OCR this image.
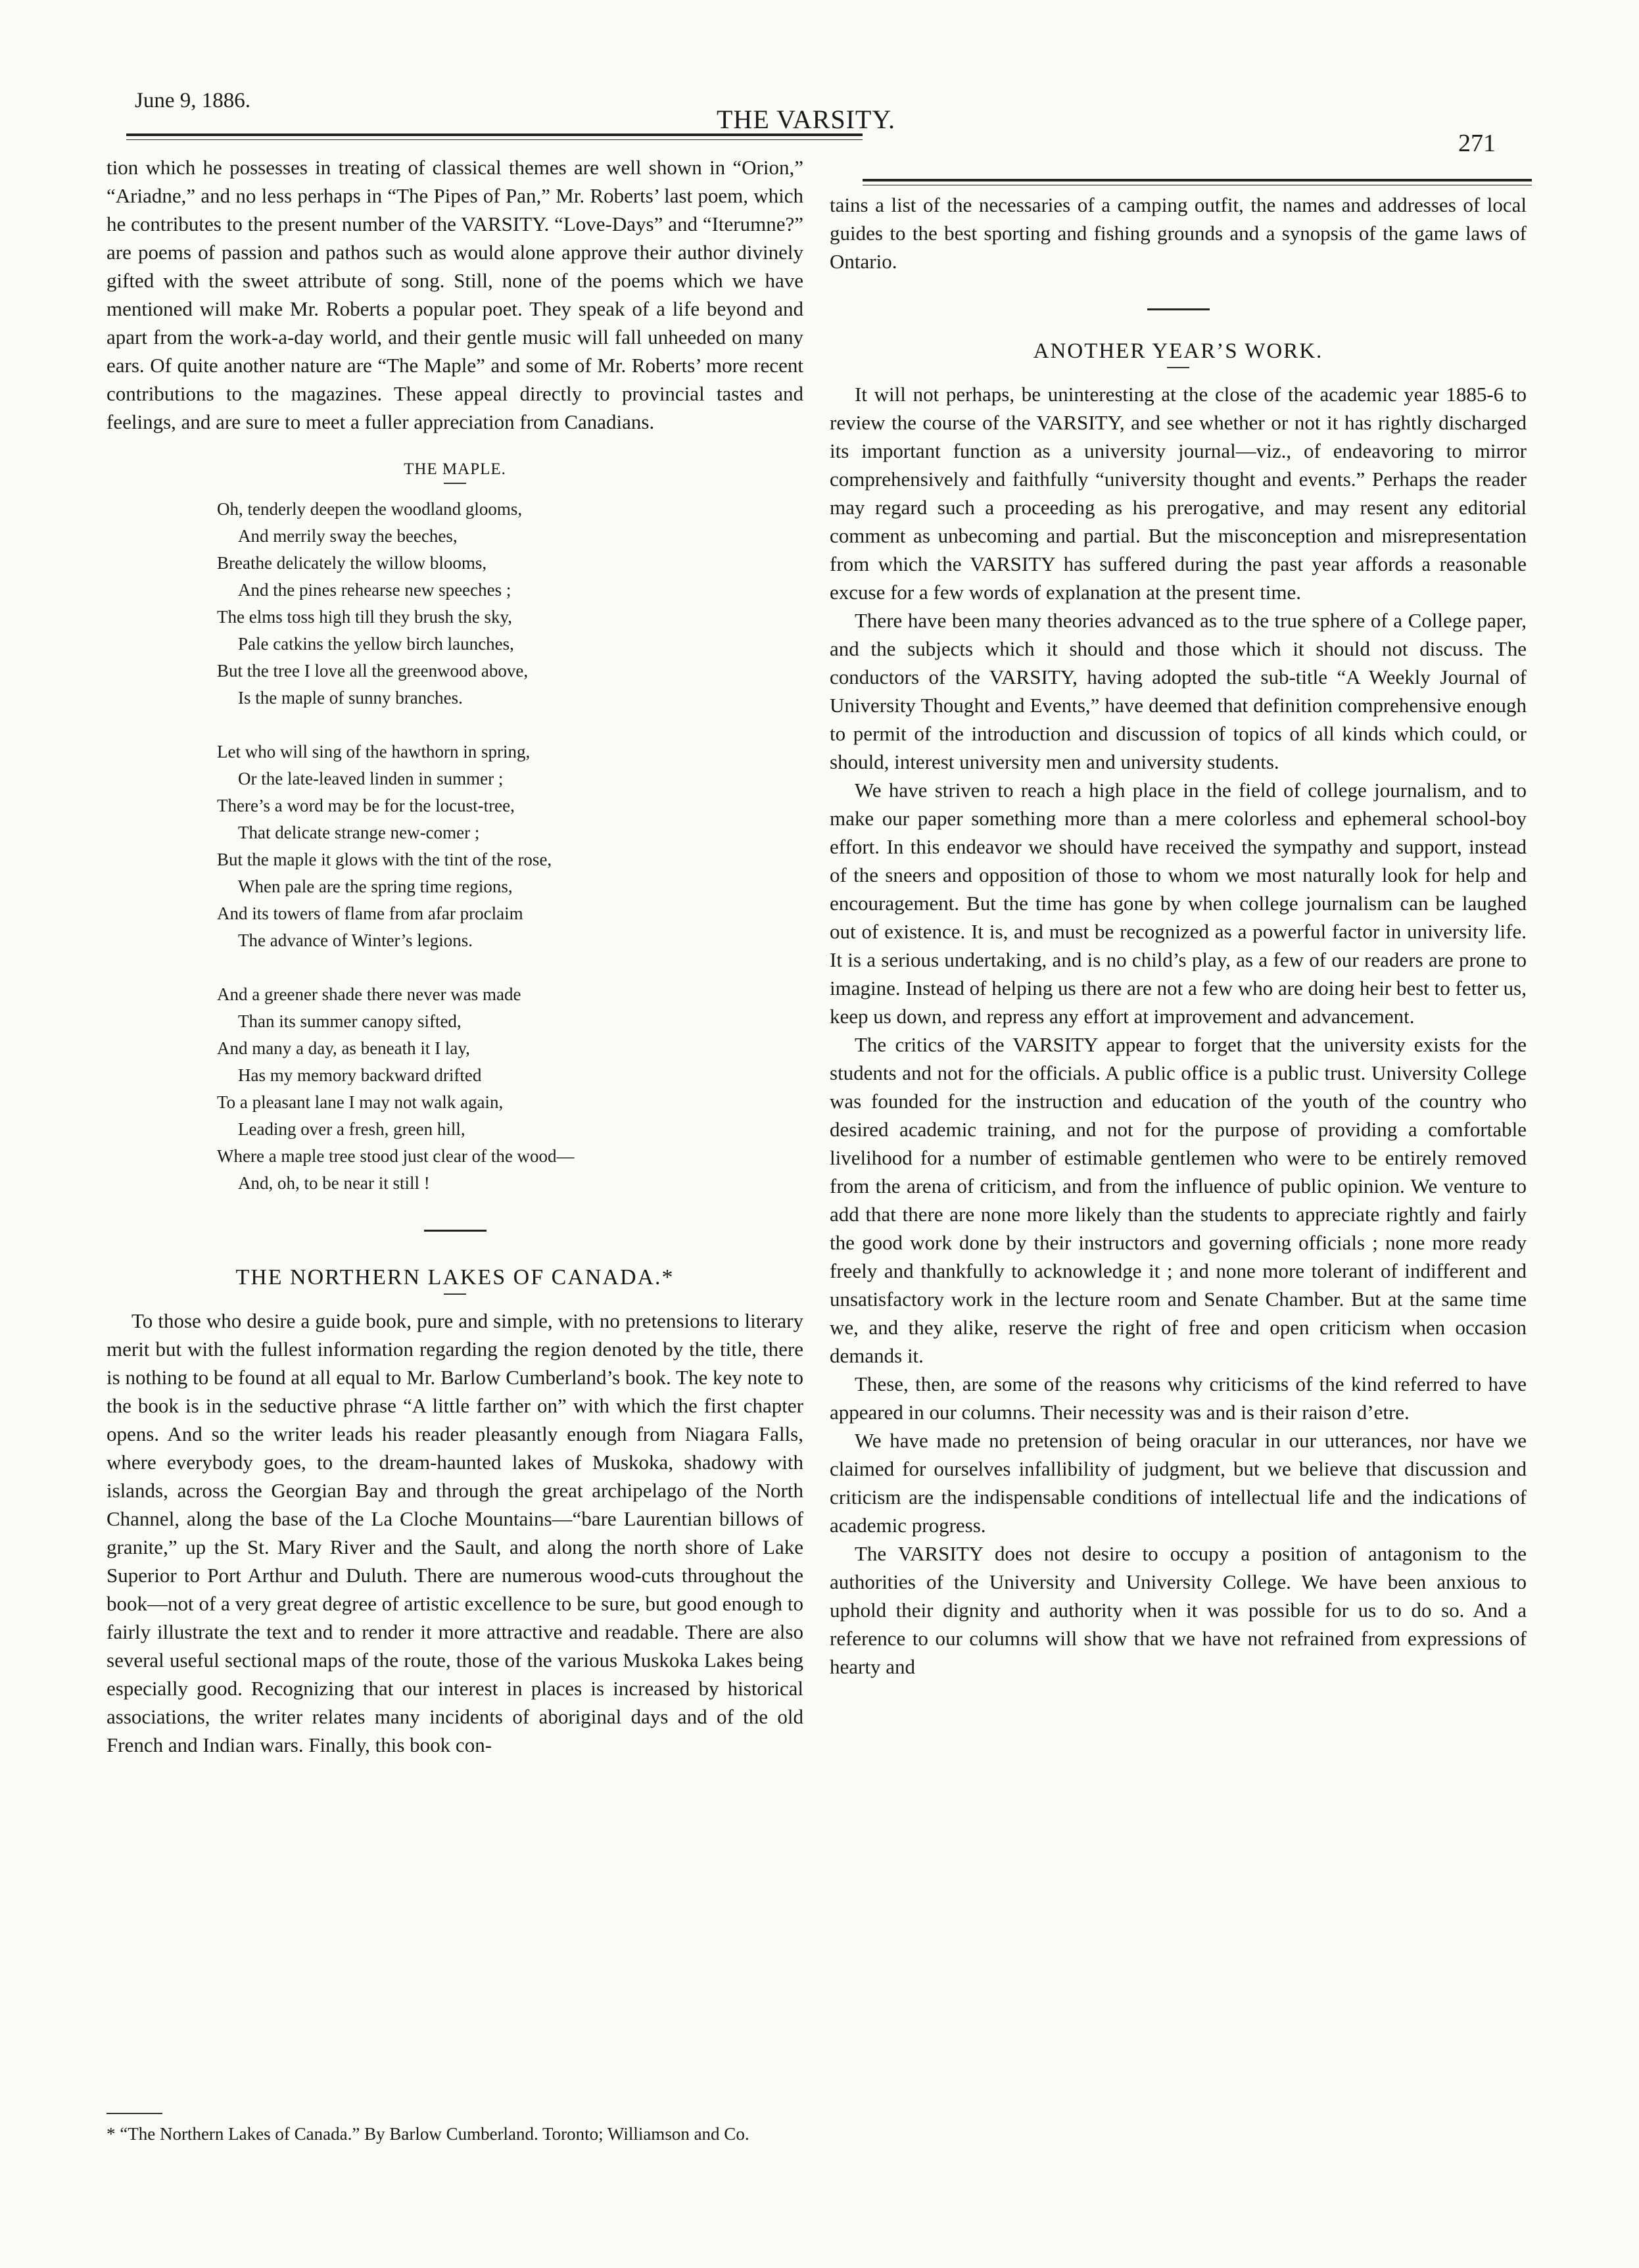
June 9, 1886.
THE VARSITY.
271

tion which he possesses in treating of classical themes are well shown in “Orion,” “Ariadne,” and no less perhaps in “The Pipes of Pan,” Mr. Roberts’ last poem, which he contributes to the present number of the VARSITY. “Love-Days” and “Iterumne?” are poems of passion and pathos such as would alone approve their author divinely gifted with the sweet attribute of song. Still, none of the poems which we have mentioned will make Mr. Roberts a popular poet. They speak of a life beyond and apart from the work-a-day world, and their gentle music will fall unheeded on many ears. Of quite another nature are “The Maple” and some of Mr. Roberts’ more recent contributions to the magazines. These appeal directly to provincial tastes and feelings, and are sure to meet a fuller appreciation from Canadians.

THE MAPLE.
Oh, tenderly deepen the woodland glooms,
And merrily sway the beeches,
Breathe delicately the willow blooms,
And the pines rehearse new speeches ;
The elms toss high till they brush the sky,
Pale catkins the yellow birch launches,
But the tree I love all the greenwood above,
Is the maple of sunny branches.
Let who will sing of the hawthorn in spring,
Or the late-leaved linden in summer ;
There’s a word may be for the locust-tree,
That delicate strange new-comer ;
But the maple it glows with the tint of the rose,
When pale are the spring time regions,
And its towers of flame from afar proclaim
The advance of Winter’s legions.
And a greener shade there never was made
Than its summer canopy sifted,
And many a day, as beneath it I lay,
Has my memory backward drifted
To a pleasant lane I may not walk again,
Leading over a fresh, green hill,
Where a maple tree stood just clear of the wood—
And, oh, to be near it still !
THE NORTHERN LAKES OF CANADA.*

To those who desire a guide book, pure and simple, with no pretensions to literary merit but with the fullest information regarding the region denoted by the title, there is nothing to be found at all equal to Mr. Barlow Cumberland’s book. The key note to the book is in the seductive phrase “A little farther on” with which the first chapter opens. And so the writer leads his reader pleasantly enough from Niagara Falls, where everybody goes, to the dream-haunted lakes of Muskoka, shadowy with islands, across the Georgian Bay and through the great archipelago of the North Channel, along the base of the La Cloche Mountains—“bare Laurentian billows of granite,” up the St. Mary River and the Sault, and along the north shore of Lake Superior to Port Arthur and Duluth. There are numerous wood-cuts throughout the book—not of a very great degree of artistic excellence to be sure, but good enough to fairly illustrate the text and to render it more attractive and readable. There are also several useful sectional maps of the route, those of the various Muskoka Lakes being especially good. Recognizing that our interest in places is increased by historical associations, the writer relates many incidents of aboriginal days and of the old French and Indian wars. Finally, this book con-

* “The Northern Lakes of Canada.” By Barlow Cumberland. Toronto; Williamson and Co.

tains a list of the necessaries of a camping outfit, the names and addresses of local guides to the best sporting and fishing grounds and a synopsis of the game laws of Ontario.

ANOTHER YEAR’S WORK.

It will not perhaps, be uninteresting at the close of the academic year 1885-6 to review the course of the VARSITY, and see whether or not it has rightly discharged its important function as a university journal—viz., of endeavoring to mirror comprehensively and faithfully “university thought and events.” Perhaps the reader may regard such a proceeding as his prerogative, and may resent any editorial comment as unbecoming and partial. But the misconception and misrepresentation from which the VARSITY has suffered during the past year affords a reasonable excuse for a few words of explanation at the present time.

There have been many theories advanced as to the true sphere of a College paper, and the subjects which it should and those which it should not discuss. The conductors of the VARSITY, having adopted the sub-title “A Weekly Journal of University Thought and Events,” have deemed that definition comprehensive enough to permit of the introduction and discussion of topics of all kinds which could, or should, interest university men and university students.

We have striven to reach a high place in the field of college journalism, and to make our paper something more than a mere colorless and ephemeral school-boy effort. In this endeavor we should have received the sympathy and support, instead of the sneers and opposition of those to whom we most naturally look for help and encouragement. But the time has gone by when college journalism can be laughed out of existence. It is, and must be recognized as a powerful factor in university life. It is a serious undertaking, and is no child’s play, as a few of our readers are prone to imagine. Instead of helping us there are not a few who are doing heir best to fetter us, keep us down, and repress any effort at improvement and advancement.

The critics of the VARSITY appear to forget that the university exists for the students and not for the officials. A public office is a public trust. University College was founded for the instruction and education of the youth of the country who desired academic training, and not for the purpose of providing a comfortable livelihood for a number of estimable gentlemen who were to be entirely removed from the arena of criticism, and from the influence of public opinion. We venture to add that there are none more likely than the students to appreciate rightly and fairly the good work done by their instructors and governing officials ; none more ready freely and thankfully to acknowledge it ; and none more tolerant of indifferent and unsatisfactory work in the lecture room and Senate Chamber. But at the same time we, and they alike, reserve the right of free and open criticism when occasion demands it.

These, then, are some of the reasons why criticisms of the kind referred to have appeared in our columns. Their necessity was and is their raison d’etre.

We have made no pretension of being oracular in our utterances, nor have we claimed for ourselves infallibility of judgment, but we believe that discussion and criticism are the indispensable conditions of intellectual life and the indications of academic progress.

The VARSITY does not desire to occupy a position of antagonism to the authorities of the University and University College. We have been anxious to uphold their dignity and authority when it was possible for us to do so. And a reference to our columns will show that we have not refrained from expressions of hearty and
